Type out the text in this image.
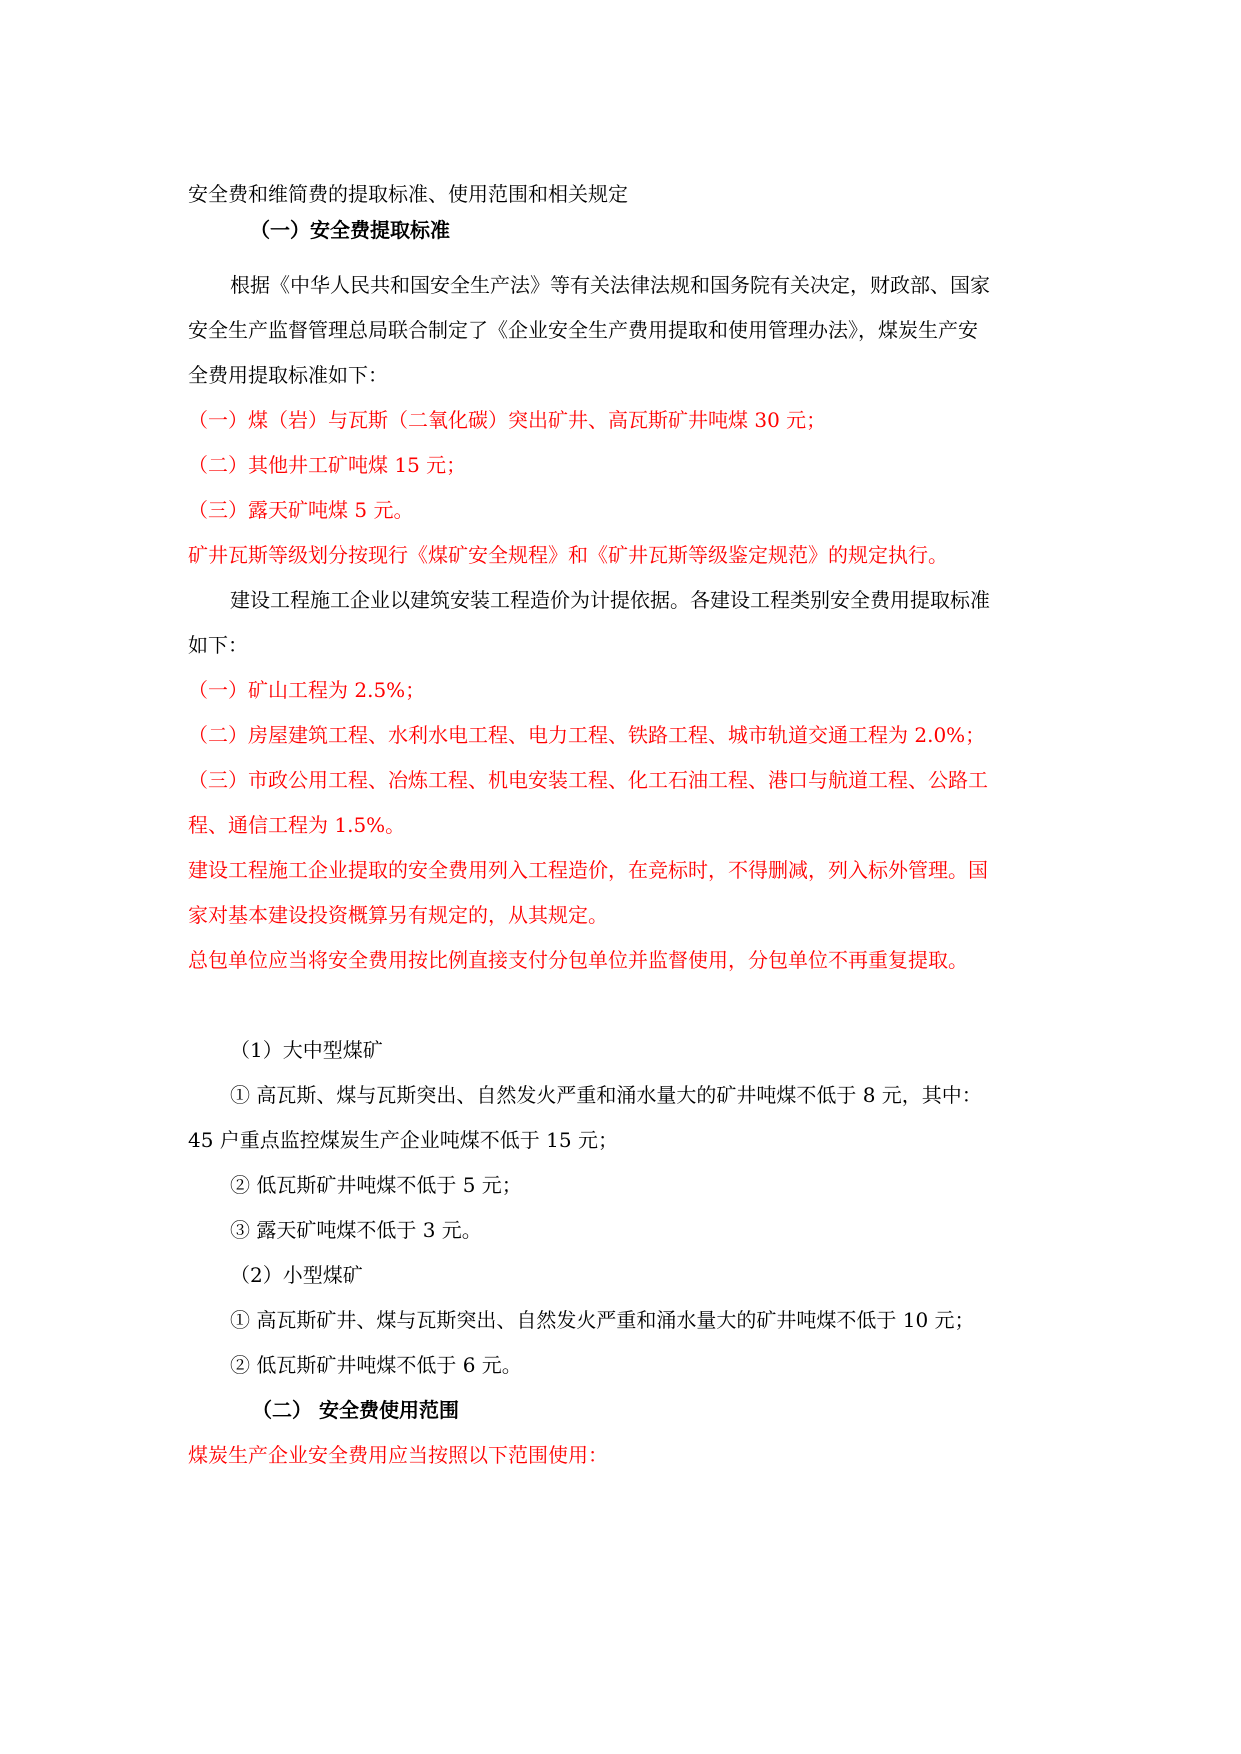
安全费和维简费的提取标准、使用范围和相关规定
（一）安全费提取标准
根据《中华人民共和国安全生产法》等有关法律法规和国务院有关决定，财政部、国家
安全生产监督管理总局联合制定了《企业安全生产费用提取和使用管理办法》，煤炭生产安
全费用提取标准如下：
（一）煤（岩）与瓦斯（二氧化碳）突出矿井、高瓦斯矿井吨煤 30 元；
（二）其他井工矿吨煤 15 元；
（三）露天矿吨煤 5 元。
矿井瓦斯等级划分按现行《煤矿安全规程》和《矿井瓦斯等级鉴定规范》的规定执行。
建设工程施工企业以建筑安装工程造价为计提依据。各建设工程类别安全费用提取标准
如下：
（一）矿山工程为 2.5%；
（二）房屋建筑工程、水利水电工程、电力工程、铁路工程、城市轨道交通工程为 2.0%；
（三）市政公用工程、冶炼工程、机电安装工程、化工石油工程、港口与航道工程、公路工
程、通信工程为 1.5%。
建设工程施工企业提取的安全费用列入工程造价，在竞标时，不得删减，列入标外管理。国
家对基本建设投资概算另有规定的，从其规定。
总包单位应当将安全费用按比例直接支付分包单位并监督使用，分包单位不再重复提取。
（1）大中型煤矿
① 高瓦斯、煤与瓦斯突出、自然发火严重和涌水量大的矿井吨煤不低于 8 元，其中：
45 户重点监控煤炭生产企业吨煤不低于 15 元；
② 低瓦斯矿井吨煤不低于 5 元；
③ 露天矿吨煤不低于 3 元。
（2）小型煤矿
① 高瓦斯矿井、煤与瓦斯突出、自然发火严重和涌水量大的矿井吨煤不低于 10 元；
② 低瓦斯矿井吨煤不低于 6 元。
（二） 安全费使用范围
煤炭生产企业安全费用应当按照以下范围使用：
